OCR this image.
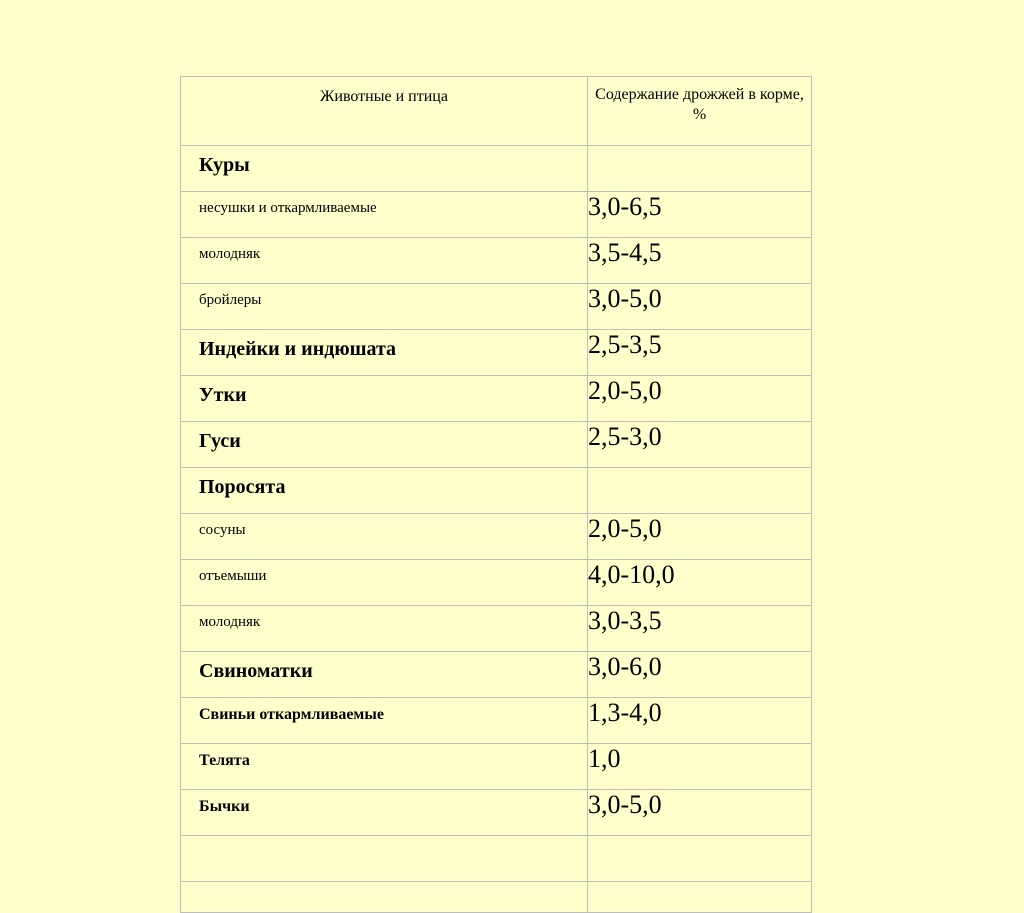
Животные и птица	Содержание дрожжей в корме, %
Куры	
несушки и откармливаемые	3,0-6,5
молодняк	3,5-4,5
бройлеры	3,0-5,0
Индейки и индюшата	2,5-3,5
Утки	2,0-5,0
Гуси	2,5-3,0
Поросята	
сосуны	2,0-5,0
отъемыши	4,0-10,0
молодняк	3,0-3,5
Свиноматки	3,0-6,0
Свиньи откармливаемые	1,3-4,0
Телята	1,0
Бычки	3,0-5,0
